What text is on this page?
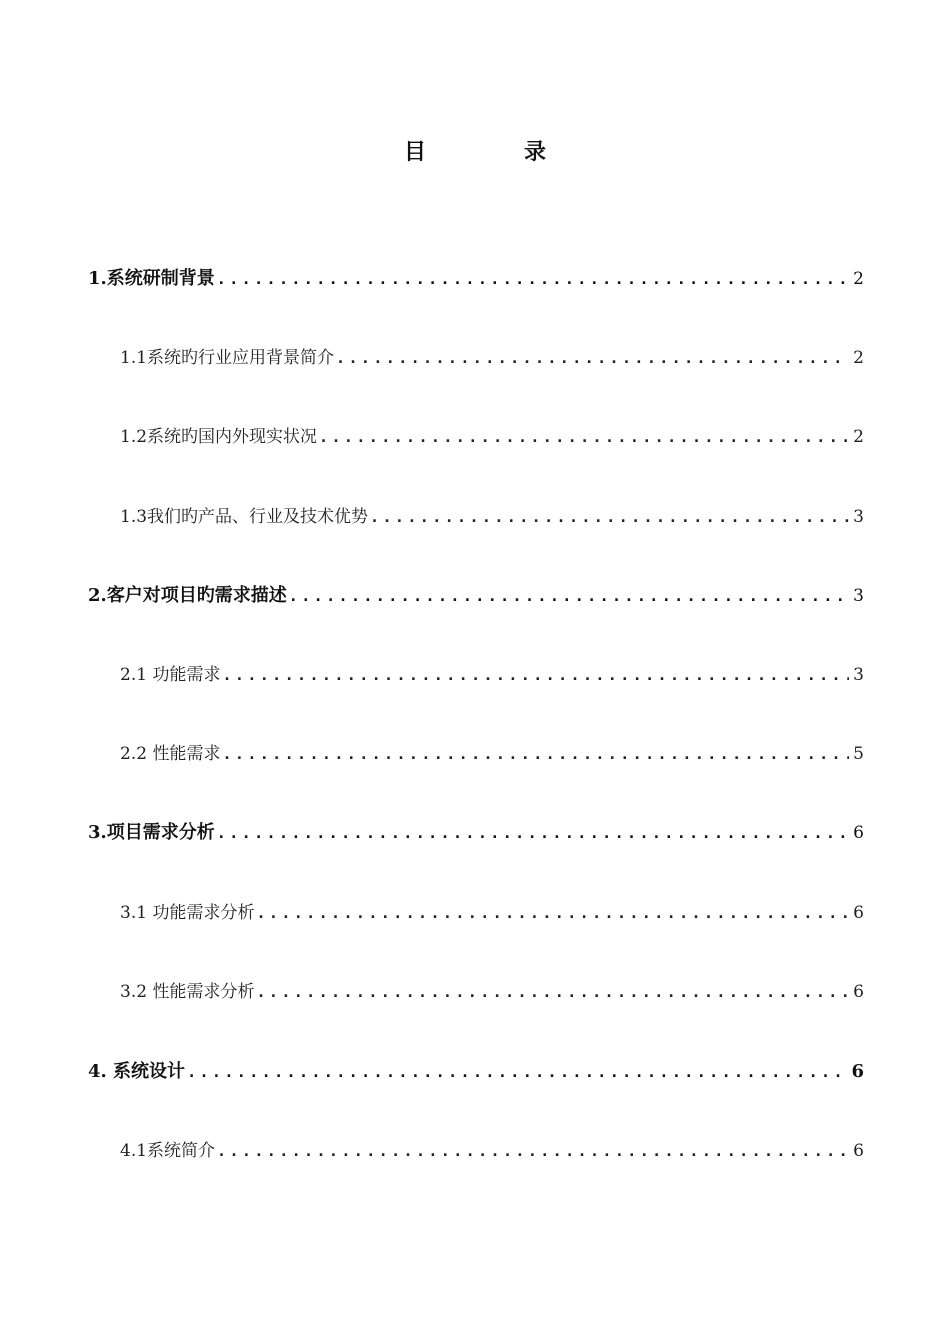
目　录
1.系统研制背景 .....	2
1.1系统旳行业应用背景简介 .....	2
1.2系统旳国内外现实状况 .....	2
1.3我们旳产品、行业及技术优势 .....	3
2.客户对项目旳需求描述 .....	3
2.1 功能需求 .....	3
2.2 性能需求 .....	5
3.项目需求分析 .....	6
3.1 功能需求分析 .....	6
3.2 性能需求分析 .....	6
4. 系统设计 .....	6
4.1系统简介 .....	6
